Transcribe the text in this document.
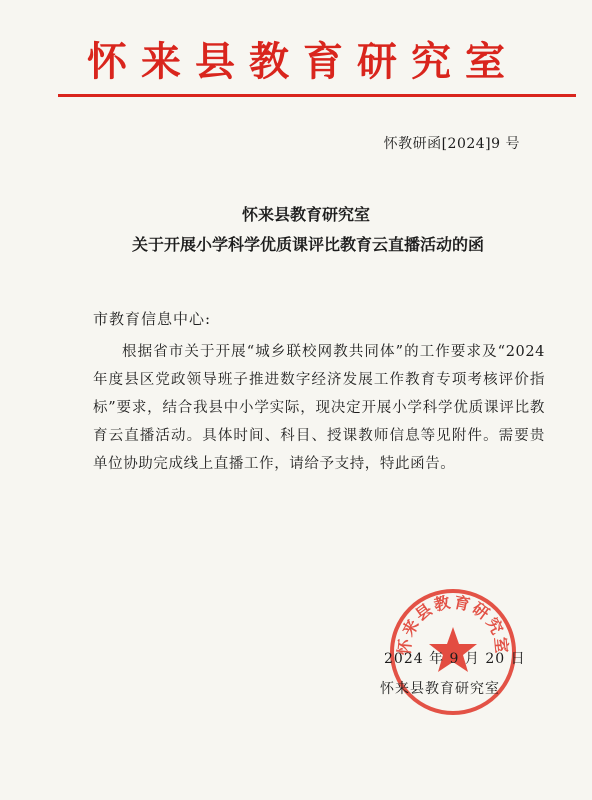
怀来县教育研究室
怀教研函[2024]9 号
怀来县教育研究室
关于开展小学科学优质课评比教育云直播活动的函
市教育信息中心:
根据省市关于开展“城乡联校网教共同体”的工作要求及“2024 年度县区党政领导班子推进数字经济发展工作教育专项考核评价指标”要求，结合我县中小学实际，现决定开展小学科学优质课评比教育云直播活动。具体时间、科目、授课教师信息等见附件。需要贵单位协助完成线上直播工作，请给予支持，特此函告。
怀来县教育研究室
2024 年 9 月 20 日
怀来县教育研究室
